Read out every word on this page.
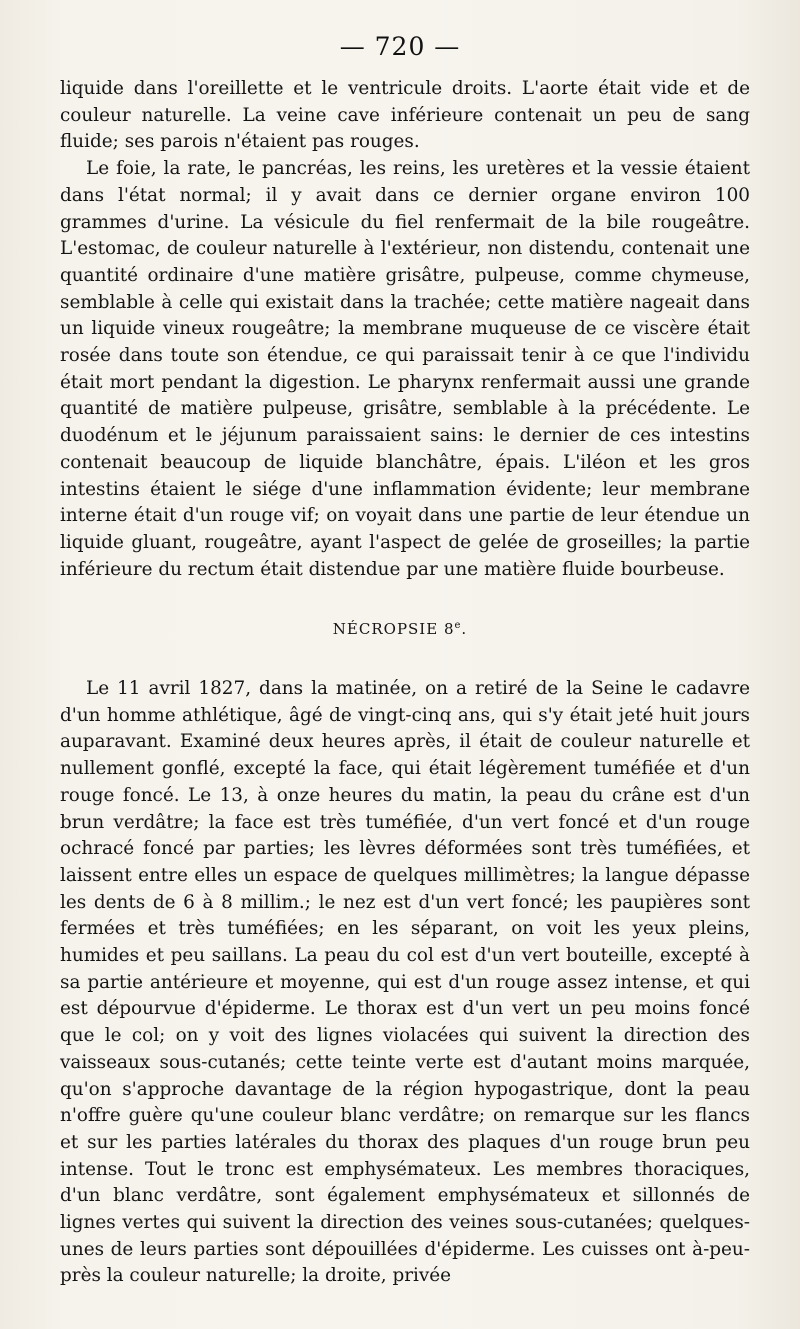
— 720 —

liquide dans l'oreillette et le ventricule droits. L'aorte était vide et de couleur naturelle. La veine cave inférieure contenait un peu de sang fluide; ses parois n'étaient pas rouges.

Le foie, la rate, le pancréas, les reins, les uretères et la vessie étaient dans l'état normal; il y avait dans ce dernier organe environ 100 grammes d'urine. La vésicule du fiel renfermait de la bile rougeâtre. L'estomac, de couleur naturelle à l'extérieur, non distendu, contenait une quantité ordinaire d'une matière grisâtre, pulpeuse, comme chymeuse, semblable à celle qui existait dans la trachée; cette matière nageait dans un liquide vineux rougeâtre; la membrane muqueuse de ce viscère était rosée dans toute son étendue, ce qui paraissait tenir à ce que l'individu était mort pendant la digestion. Le pharynx renfermait aussi une grande quantité de matière pulpeuse, grisâtre, semblable à la précédente. Le duodénum et le jéjunum paraissaient sains: le dernier de ces intestins contenait beaucoup de liquide blanchâtre, épais. L'iléon et les gros intestins étaient le siége d'une inflammation évidente; leur membrane interne était d'un rouge vif; on voyait dans une partie de leur étendue un liquide gluant, rougeâtre, ayant l'aspect de gelée de groseilles; la partie inférieure du rectum était distendue par une matière fluide bourbeuse.

NÉCROPSIE 8e.

Le 11 avril 1827, dans la matinée, on a retiré de la Seine le cadavre d'un homme athlétique, âgé de vingt-cinq ans, qui s'y était jeté huit jours auparavant. Examiné deux heures après, il était de couleur naturelle et nullement gonflé, excepté la face, qui était légèrement tuméfiée et d'un rouge foncé. Le 13, à onze heures du matin, la peau du crâne est d'un brun verdâtre; la face est très tuméfiée, d'un vert foncé et d'un rouge ochracé foncé par parties; les lèvres déformées sont très tuméfiées, et laissent entre elles un espace de quelques millimètres; la langue dépasse les dents de 6 à 8 millim.; le nez est d'un vert foncé; les paupières sont fermées et très tuméfiées; en les séparant, on voit les yeux pleins, humides et peu saillans. La peau du col est d'un vert bouteille, excepté à sa partie antérieure et moyenne, qui est d'un rouge assez intense, et qui est dépourvue d'épiderme. Le thorax est d'un vert un peu moins foncé que le col; on y voit des lignes violacées qui suivent la direction des vaisseaux sous-cutanés; cette teinte verte est d'autant moins marquée, qu'on s'approche davantage de la région hypogastrique, dont la peau n'offre guère qu'une couleur blanc verdâtre; on remarque sur les flancs et sur les parties latérales du thorax des plaques d'un rouge brun peu intense. Tout le tronc est emphysémateux. Les membres thoraciques, d'un blanc verdâtre, sont également emphysémateux et sillonnés de lignes vertes qui suivent la direction des veines sous-cutanées; quelques-unes de leurs parties sont dépouillées d'épiderme. Les cuisses ont à-peu-près la couleur naturelle; la droite, privée
